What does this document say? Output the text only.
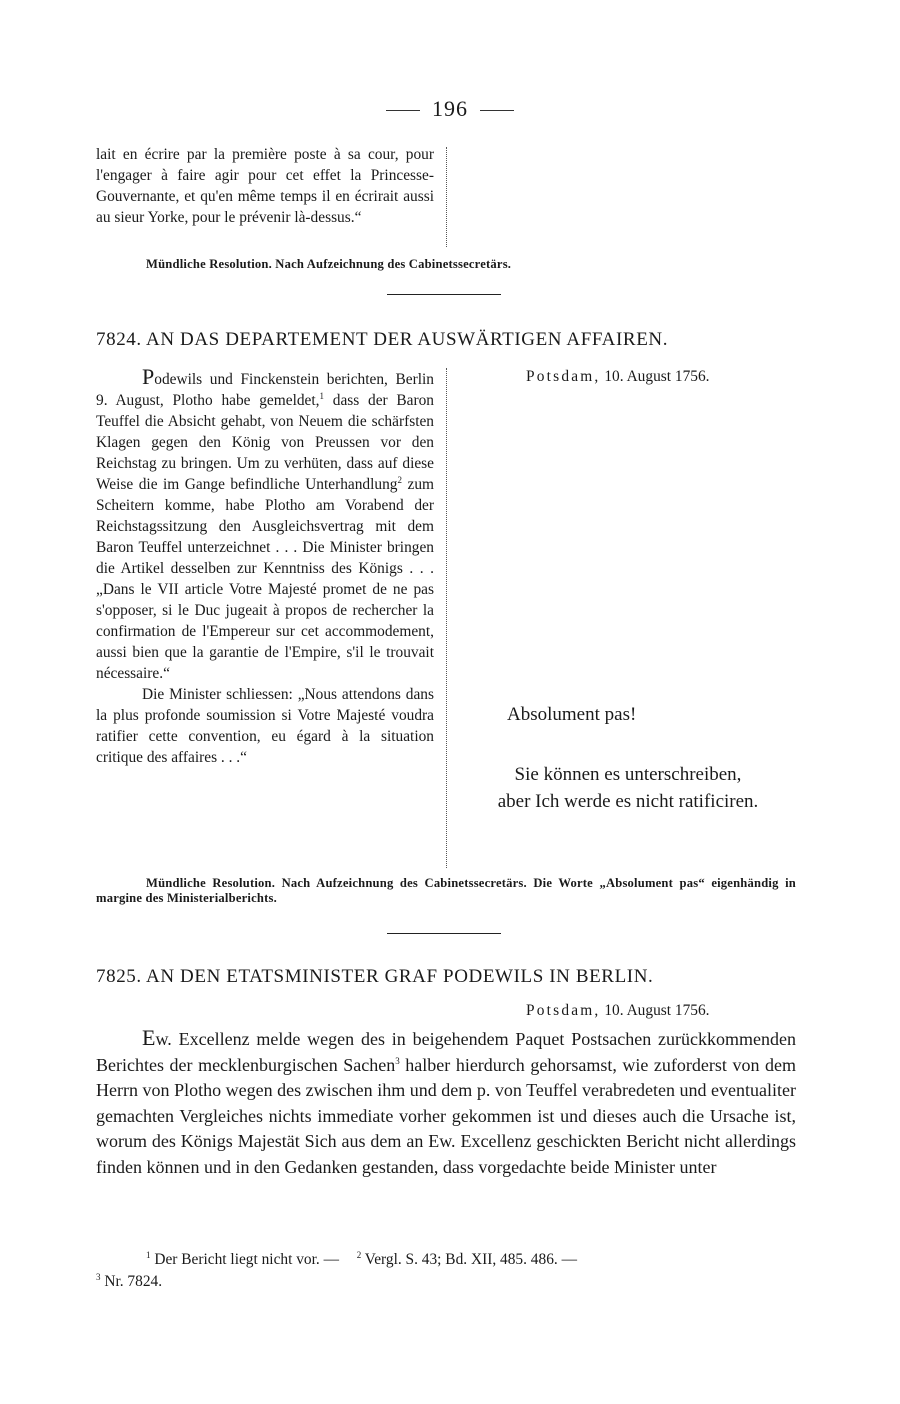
196

lait en écrire par la première poste à sa cour, pour l'engager à faire agir pour cet effet la Princesse-Gouvernante, et qu'en même temps il en écrirait aussi au sieur Yorke, pour le prévenir là-dessus.“

Mündliche Resolution. Nach Aufzeichnung des Cabinetssecretärs.
7824. AN DAS DEPARTEMENT DER AUSWÄRTIGEN AFFAIREN.
Potsdam, 10. August 1756.

Podewils und Finckenstein berichten, Berlin 9. August, Plotho habe gemeldet,$^1$ dass der Baron Teuffel die Absicht gehabt, von Neuem die schärfsten Klagen gegen den König von Preussen vor den Reichstag zu bringen. Um zu verhüten, dass auf diese Weise die im Gange befindliche Unterhandlung$^2$ zum Scheitern komme, habe Plotho am Vorabend der Reichstagssitzung den Ausgleichsvertrag mit dem Baron Teuffel unterzeichnet . . . Die Minister bringen die Artikel desselben zur Kenntniss des Königs . . . „Dans le VII article Votre Majesté promet de ne pas s'opposer, si le Duc jugeait à propos de rechercher la confirmation de l'Empereur sur cet accommodement, aussi bien que la garantie de l'Empire, s'il le trouvait nécessaire.“

Die Minister schliessen: „Nous attendons dans la plus profonde soumission si Votre Majesté voudra ratifier cette convention, eu égard à la situation critique des affaires . . .“

Absolument pas!
Sie können es unterschreiben,
aber Ich werde es nicht ratificiren.
Mündliche Resolution. Nach Aufzeichnung des Cabinetssecretärs. Die Worte „Absolument pas“ eigenhändig in margine des Ministerialberichts.
7825. AN DEN ETATSMINISTER GRAF PODEWILS IN BERLIN.
Potsdam, 10. August 1756.

Ew. Excellenz melde wegen des in beigehendem Paquet Postsachen zurückkommenden Berichtes der mecklenburgischen Sachen$^3$ halber hierdurch gehorsamst, wie zuforderst von dem Herrn von Plotho wegen des zwischen ihm und dem p. von Teuffel verabredeten und eventualiter gemachten Vergleiches nichts immediate vorher gekommen ist und dieses auch die Ursache ist, worum des Königs Majestät Sich aus dem an Ew. Excellenz geschickten Bericht nicht allerdings finden können und in den Gedanken gestanden, dass vorgedachte beide Minister unter

$^1$ Der Bericht liegt nicht vor. — $^2$ Vergl. S. 43; Bd. XII, 485. 486. —
$^3$ Nr. 7824.
